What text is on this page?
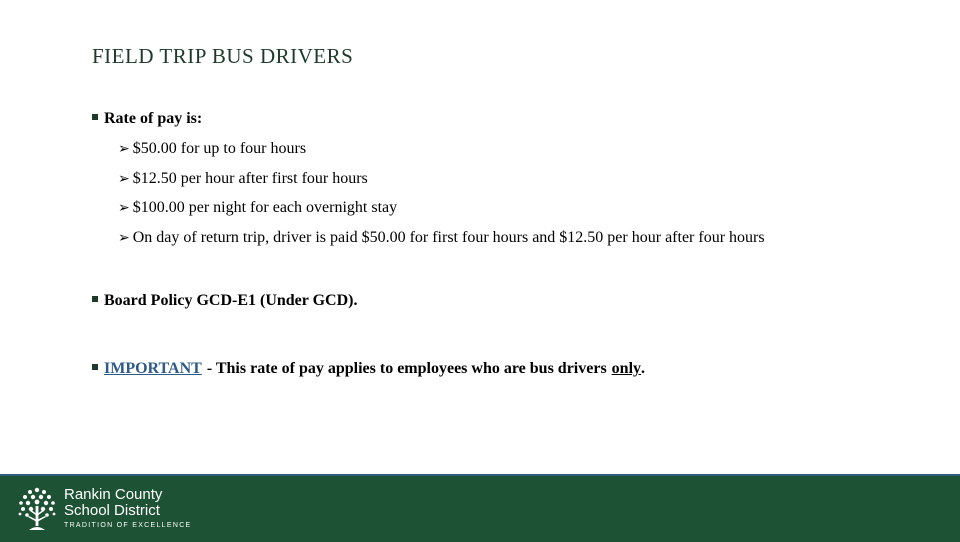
FIELD TRIP BUS DRIVERS
Rate of pay is:
➢ $50.00 for up to four hours
➢ $12.50 per hour after first four hours
➢ $100.00 per night for each overnight stay
➢ On day of return trip, driver is paid $50.00 for first four hours and $12.50 per hour after four hours
Board Policy GCD-E1 (Under GCD).
IMPORTANT - This rate of pay applies to employees who are bus drivers only .
Rankin County
School District
TRADITION OF EXCELLENCE
